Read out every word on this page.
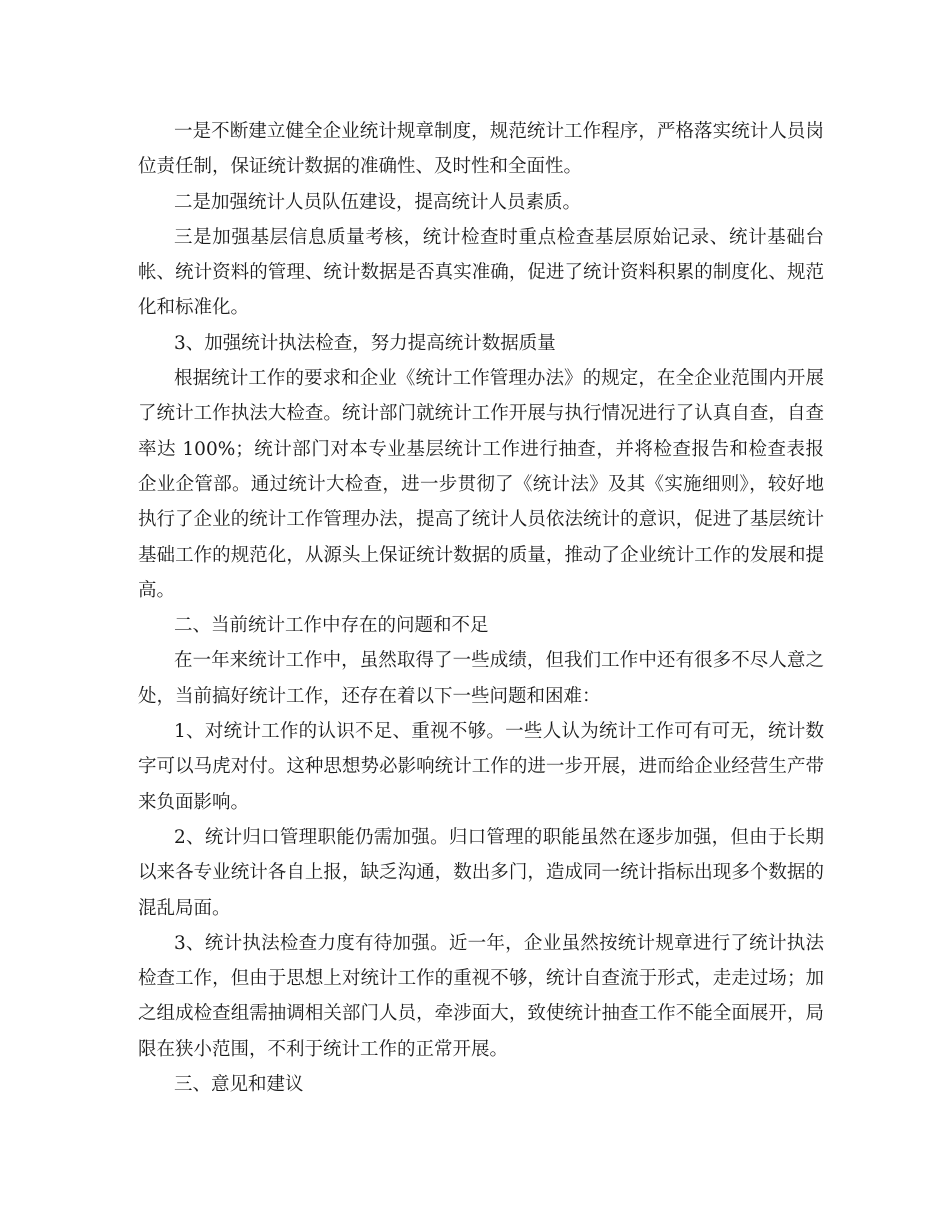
一是不断建立健全企业统计规章制度，规范统计工作程序，严格落实统计人员岗位责任制，保证统计数据的准确性、及时性和全面性。

二是加强统计人员队伍建设，提高统计人员素质。

三是加强基层信息质量考核，统计检查时重点检查基层原始记录、统计基础台帐、统计资料的管理、统计数据是否真实准确，促进了统计资料积累的制度化、规范化和标准化。

3、加强统计执法检查，努力提高统计数据质量

根据统计工作的要求和企业《统计工作管理办法》的规定，在全企业范围内开展了统计工作执法大检查。统计部门就统计工作开展与执行情况进行了认真自查，自查率达 100%；统计部门对本专业基层统计工作进行抽查，并将检查报告和检查表报企业企管部。通过统计大检查，进一步贯彻了《统计法》及其《实施细则》，较好地执行了企业的统计工作管理办法，提高了统计人员依法统计的意识，促进了基层统计基础工作的规范化，从源头上保证统计数据的质量，推动了企业统计工作的发展和提高。

二、当前统计工作中存在的问题和不足

在一年来统计工作中，虽然取得了一些成绩，但我们工作中还有很多不尽人意之处，当前搞好统计工作，还存在着以下一些问题和困难：

1、对统计工作的认识不足、重视不够。一些人认为统计工作可有可无，统计数字可以马虎对付。这种思想势必影响统计工作的进一步开展，进而给企业经营生产带来负面影响。

2、统计归口管理职能仍需加强。归口管理的职能虽然在逐步加强，但由于长期以来各专业统计各自上报，缺乏沟通，数出多门，造成同一统计指标出现多个数据的混乱局面。

3、统计执法检查力度有待加强。近一年，企业虽然按统计规章进行了统计执法检查工作，但由于思想上对统计工作的重视不够，统计自查流于形式，走走过场；加之组成检查组需抽调相关部门人员，牵涉面大，致使统计抽查工作不能全面展开，局限在狭小范围，不利于统计工作的正常开展。

三、意见和建议
